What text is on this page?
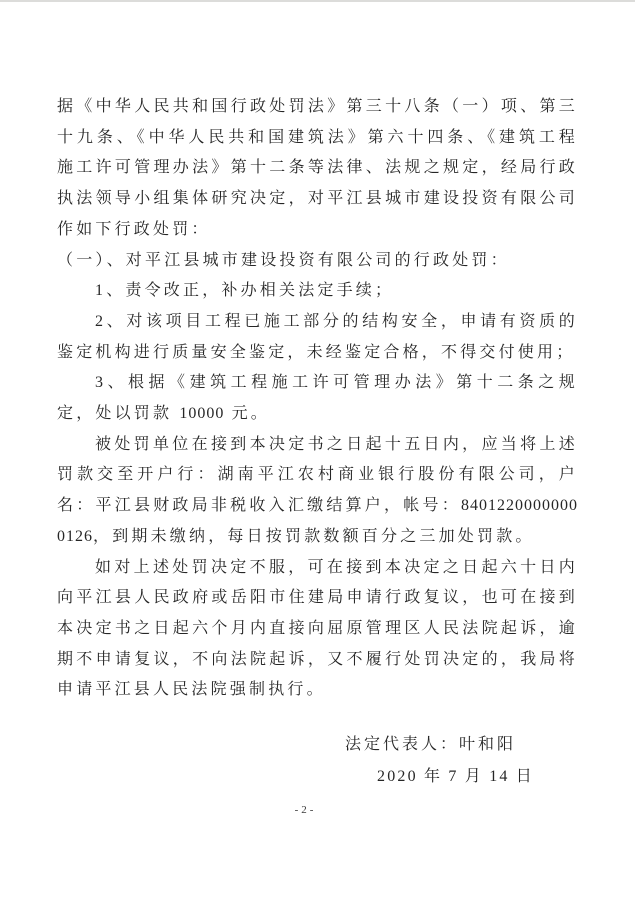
据《中华人民共和国行政处罚法》第三十八条（一）项、第三十九条、《中华人民共和国建筑法》第六十四条、《建筑工程施工许可管理办法》第十二条等法律、法规之规定，经局行政执法领导小组集体研究决定，对平江县城市建设投资有限公司作如下行政处罚：

（一）、对平江县城市建设投资有限公司的行政处罚：

1、责令改正，补办相关法定手续；

2、对该项目工程已施工部分的结构安全，申请有资质的鉴定机构进行质量安全鉴定，未经鉴定合格，不得交付使用；

3、根据《建筑工程施工许可管理办法》第十二条之规定，处以罚款 10000 元。

被处罚单位在接到本决定书之日起十五日内，应当将上述罚款交至开户行：湖南平江农村商业银行股份有限公司，户名：平江县财政局非税收入汇缴结算户，帐号：84012200000000126，到期未缴纳，每日按罚款数额百分之三加处罚款。

如对上述处罚决定不服，可在接到本决定之日起六十日内向平江县人民政府或岳阳市住建局申请行政复议，也可在接到本决定书之日起六个月内直接向屈原管理区人民法院起诉，逾期不申请复议，不向法院起诉，又不履行处罚决定的，我局将申请平江县人民法院强制执行。

法定代表人：叶和阳
2020 年 7 月 14 日
-2-
